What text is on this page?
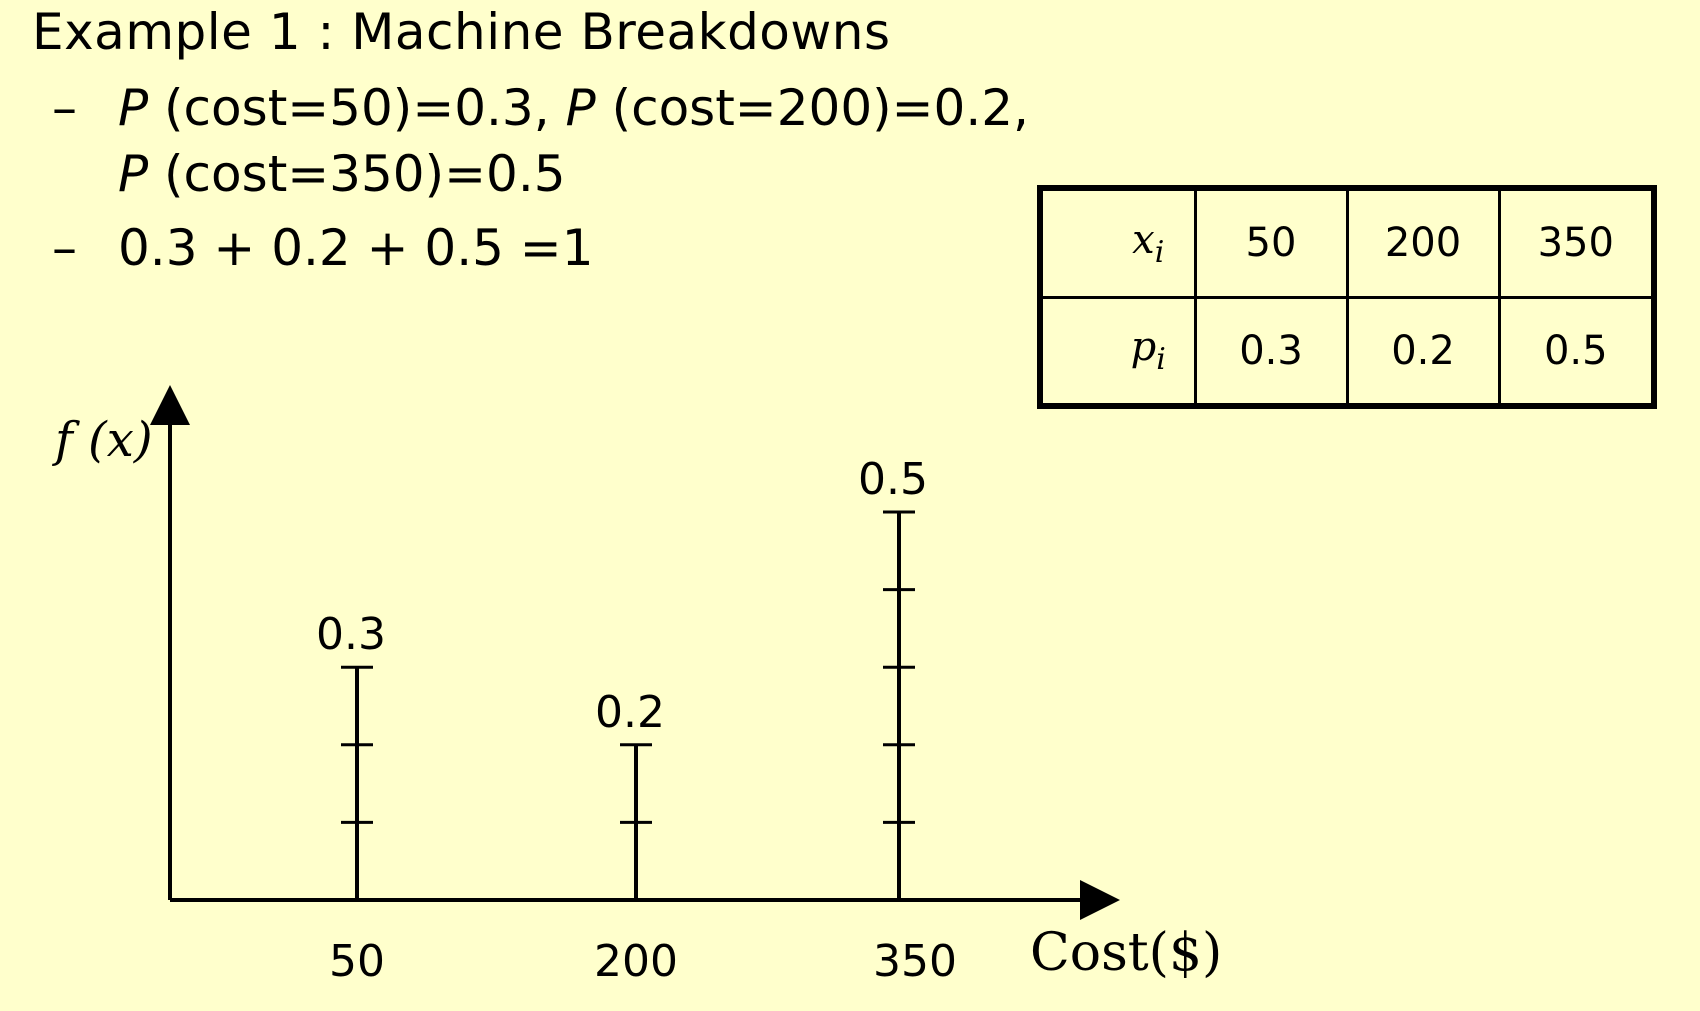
Example 1 : Machine Breakdowns
– P (cost=50)=0.3, P (cost=200)=0.2,
P (cost=350)=0.5
– 0.3 + 0.2 + 0.5 =1	$x_i$	50	200	350
$p_i$	0.3	0.2	0.5
f (x)
Cost($)
0.3
50
0.2
200
0.5
350
